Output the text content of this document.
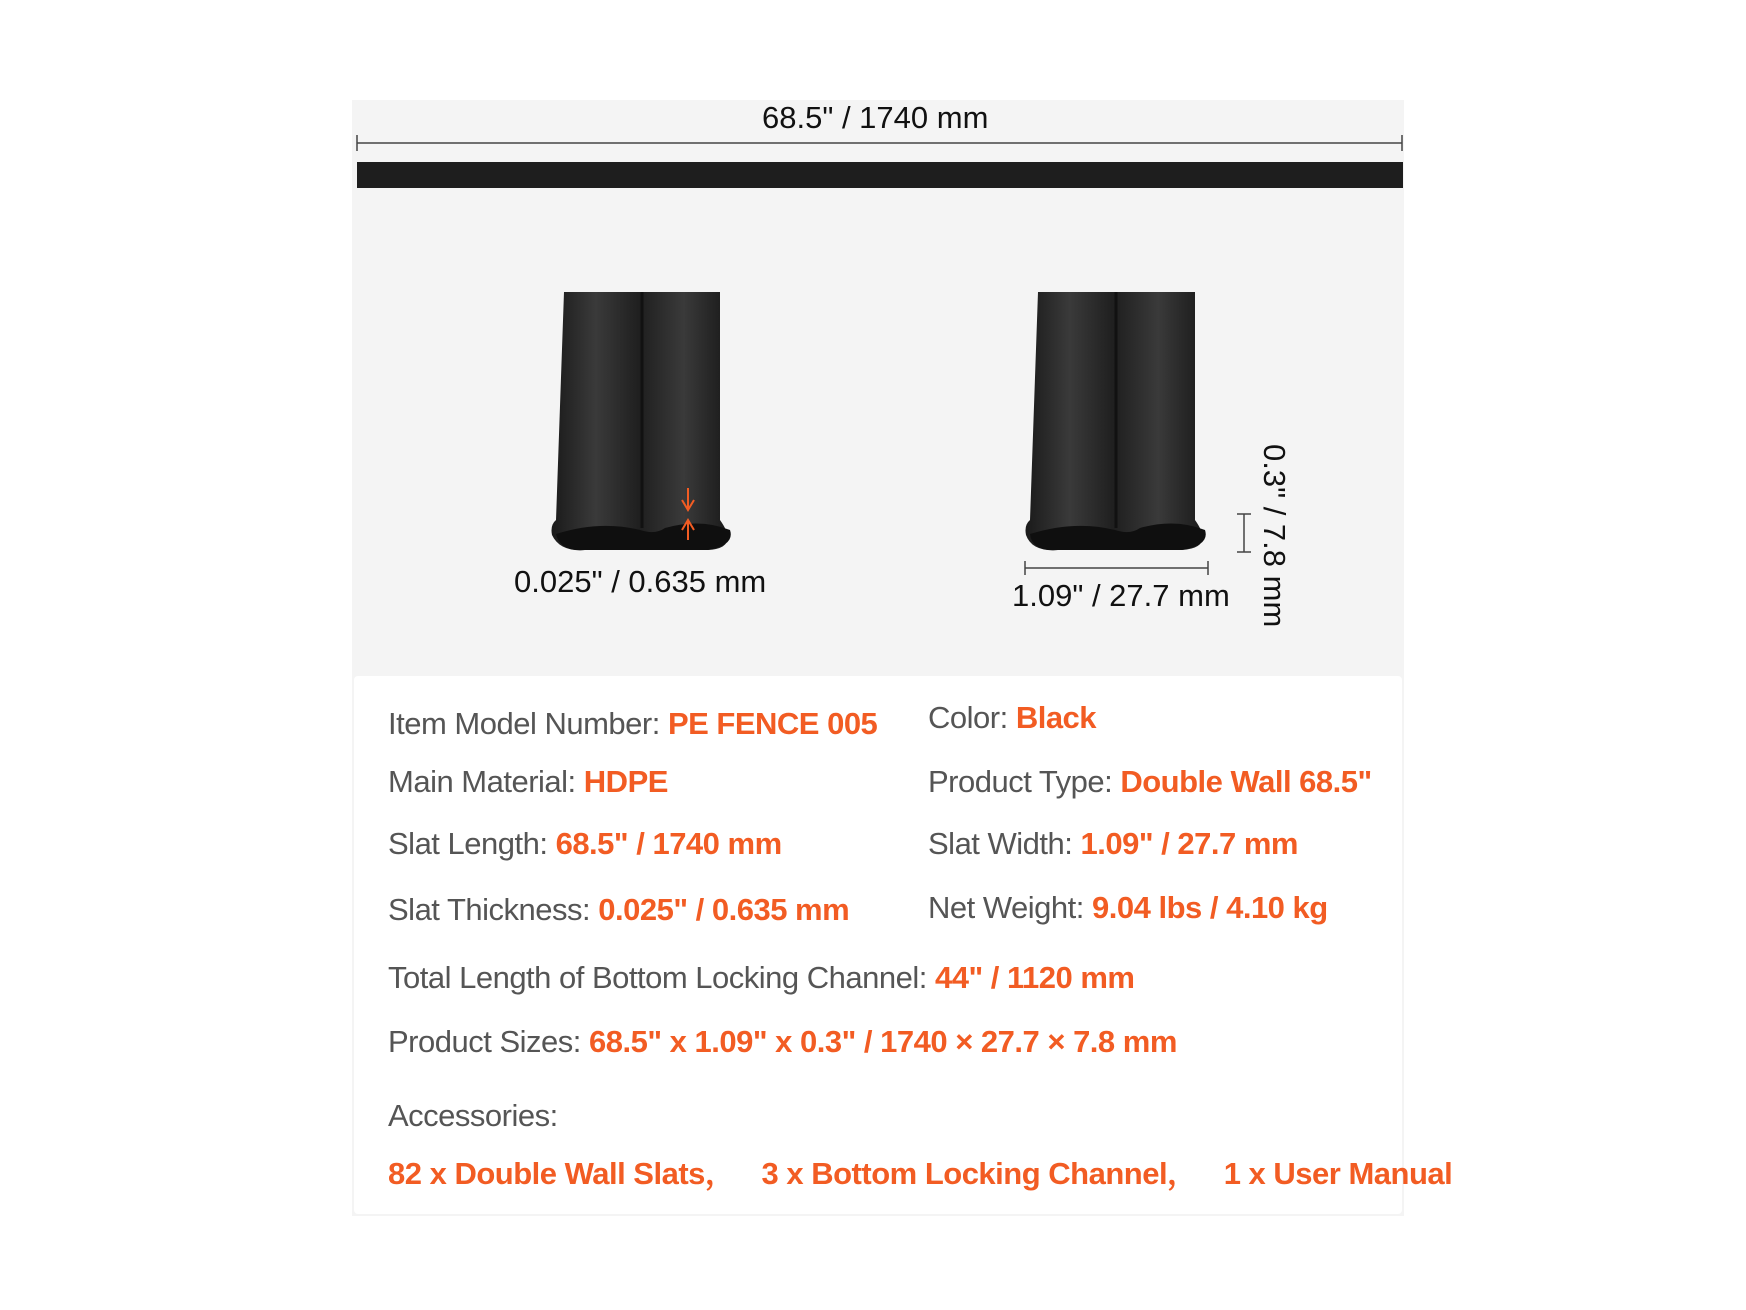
68.5" / 1740 mm
0.025" / 0.635 mm	1.09" / 27.7 mm 0.3" / 7.8 mm
Item Model Number: PE FENCE 005 Color: Black
Main Material: HDPE	Product Type: Double Wall 68.5"
Slat Length: 68.5" / 1740 mm	Slat Width: 1.09" / 27.7 mm
Slat Thickness: 0.025" / 0.635 mm	Net Weight: 9.04 lbs / 4.10 kg
Total Length of Bottom Locking Channel: 44" / 1120 mm
Product Sizes: 68.5" x 1.09" x 0.3" / 1740 × 27.7 × 7.8 mm
Accessories:
82 x Double Wall Slats， 3 x Bottom Locking Channel， 1 x User Manual
